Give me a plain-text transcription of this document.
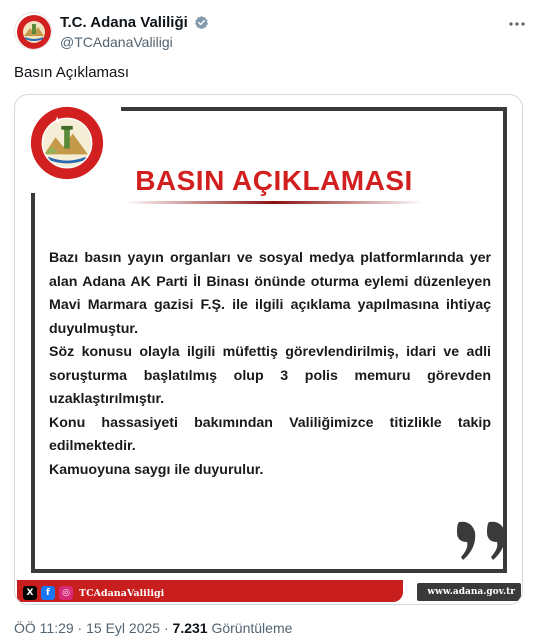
T.C. Adana Valiliği
@TCAdanaValiligi
Basın Açıklaması
BASIN AÇIKLAMASI

Bazı basın yayın organları ve sosyal medya platformlarında yer alan Adana AK Parti İl Binası önünde oturma eylemi düzenleyen Mavi Marmara gazisi F.Ş. ile ilgili açıklama yapılmasına ihtiyaç duyulmuştur.

Söz konusu olayla ilgili müfettiş görevlendirilmiş, idari ve adli soruşturma başlatılmış olup 3 polis memuru görevden uzaklaştırılmıştır.

Konu hassasiyeti bakımından Valiliğimizce titizlikle takip edilmektedir.

Kamuoyuna saygı ile duyurulur.

X	f	◎ TCAdanaValiligi	www.adana.gov.tr
ÖÖ 11:29 · 15 Eyl 2025 · 7.231 Görüntüleme
